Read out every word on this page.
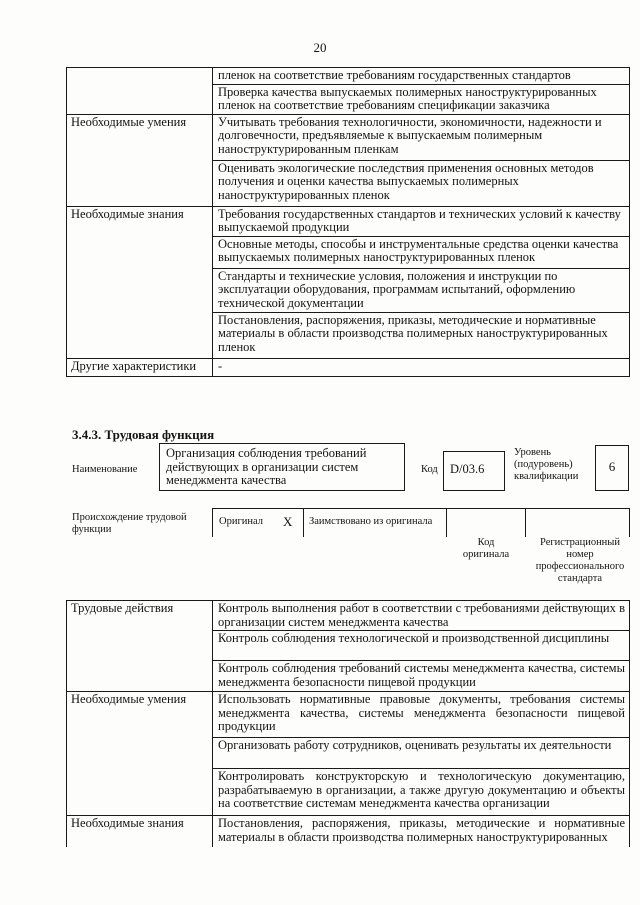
20
	пленок на соответствие требованиям государственных стандартов
	Проверка качества выпускаемых полимерных наноструктурированных пленок на соответствие требованиям спецификации заказчика
Необходимые умения	Учитывать требования технологичности, экономичности, надежности и долговечности, предъявляемые к выпускаемым полимерным наноструктурированным пленкам
	Оценивать экологические последствия применения основных методов получения и оценки качества выпускаемых полимерных наноструктурированных пленок
Необходимые знания	Требования государственных стандартов и технических условий к качеству выпускаемой продукции
	Основные методы, способы и инструментальные средства оценки качества выпускаемых полимерных наноструктурированных пленок
	Стандарты и технические условия, положения и инструкции по эксплуатации оборудования, программам испытаний, оформлению технической документации
	Постановления, распоряжения, приказы, методические и нормативные материалы в области производства полимерных наноструктурированных пленок
Другие характеристики	-
3.4.3. Трудовая функция
Наименование
Организация соблюдения требований действующих в организации систем менеджмента качества
Код D/03.6
Уровень (подуровень) квалификации
6
Происхождение трудовой функции
Оригинал X Заимствовано из оригинала
Код оригинала
Регистрационный номер профессионального стандарта
Трудовые действия	Контроль выполнения работ в соответствии с требованиями действующих в организации систем менеджмента качества
	Контроль соблюдения технологической и производственной дисциплины
	Контроль соблюдения требований системы менеджмента качества, системы менеджмента безопасности пищевой продукции
Необходимые умения	Использовать нормативные правовые документы, требования системы менеджмента качества, системы менеджмента безопасности пищевой продукции
	Организовать работу сотрудников, оценивать результаты их деятельности
	Контролировать конструкторскую и технологическую документацию, разрабатываемую в организации, а также другую документацию и объекты на соответствие системам менеджмента качества организации
Необходимые знания	Постановления, распоряжения, приказы, методические и нормативные материалы в области производства полимерных наноструктурированных
